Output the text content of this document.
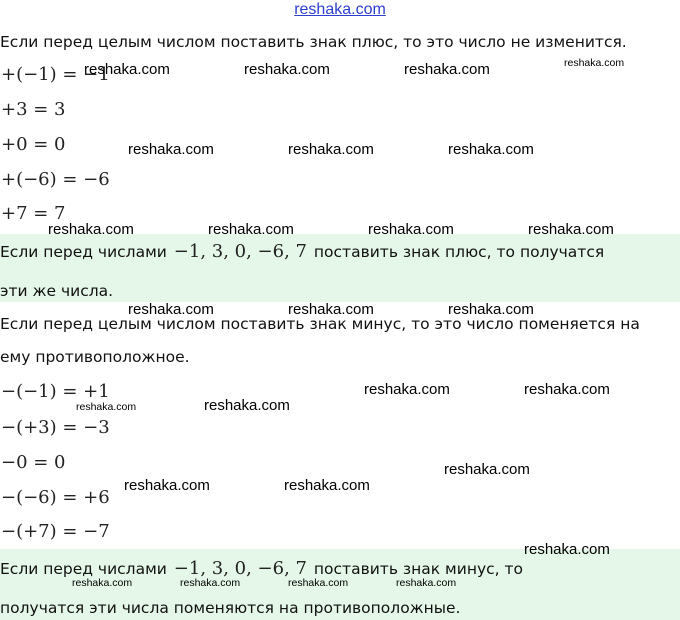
reshaka.com
Если перед целым числом поставить знак плюс, то это число не изменится.
+(−1) = −1
+3 = 3
+0 = 0
+(−6) = −6
+7 = 7
Если перед числами −1, 3, 0, −6, 7 поставить знак плюс, то получатся
эти же числа.
Если перед целым числом поставить знак минус, то это число поменяется на
ему противоположное.
−(−1) = +1
−(+3) = −3
−0 = 0
−(−6) = +6
−(+7) = −7
Если перед числами −1, 3, 0, −6, 7 поставить знак минус, то
получатся эти числа поменяются на противоположные.
reshaka.com	reshaka.com	reshaka.com	reshaka.com
reshaka.com	reshaka.com	reshaka.com
reshaka.com	reshaka.com	reshaka.com	reshaka.com
reshaka.com	reshaka.com	reshaka.com
reshaka.com	reshaka.com
reshaka.com	reshaka.com
reshaka.com
reshaka.com	reshaka.com
reshaka.com
reshaka.com	reshaka.com	reshaka.com	reshaka.com
